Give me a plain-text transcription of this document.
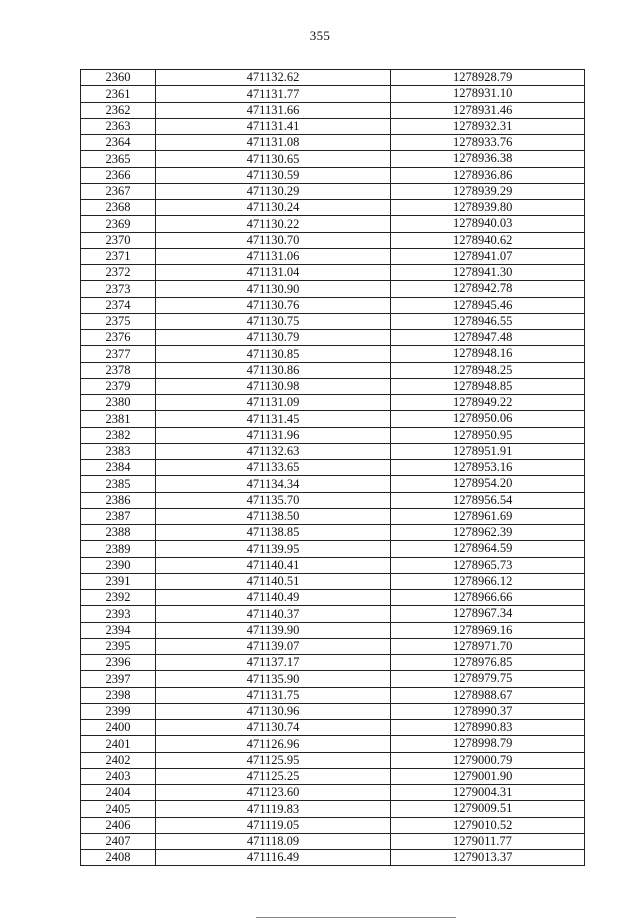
355
2360	471132.62	1278928.79
2361	471131.77	1278931.10
2362	471131.66	1278931.46
2363	471131.41	1278932.31
2364	471131.08	1278933.76
2365	471130.65	1278936.38
2366	471130.59	1278936.86
2367	471130.29	1278939.29
2368	471130.24	1278939.80
2369	471130.22	1278940.03
2370	471130.70	1278940.62
2371	471131.06	1278941.07
2372	471131.04	1278941.30
2373	471130.90	1278942.78
2374	471130.76	1278945.46
2375	471130.75	1278946.55
2376	471130.79	1278947.48
2377	471130.85	1278948.16
2378	471130.86	1278948.25
2379	471130.98	1278948.85
2380	471131.09	1278949.22
2381	471131.45	1278950.06
2382	471131.96	1278950.95
2383	471132.63	1278951.91
2384	471133.65	1278953.16
2385	471134.34	1278954.20
2386	471135.70	1278956.54
2387	471138.50	1278961.69
2388	471138.85	1278962.39
2389	471139.95	1278964.59
2390	471140.41	1278965.73
2391	471140.51	1278966.12
2392	471140.49	1278966.66
2393	471140.37	1278967.34
2394	471139.90	1278969.16
2395	471139.07	1278971.70
2396	471137.17	1278976.85
2397	471135.90	1278979.75
2398	471131.75	1278988.67
2399	471130.96	1278990.37
2400	471130.74	1278990.83
2401	471126.96	1278998.79
2402	471125.95	1279000.79
2403	471125.25	1279001.90
2404	471123.60	1279004.31
2405	471119.83	1279009.51
2406	471119.05	1279010.52
2407	471118.09	1279011.77
2408	471116.49	1279013.37
